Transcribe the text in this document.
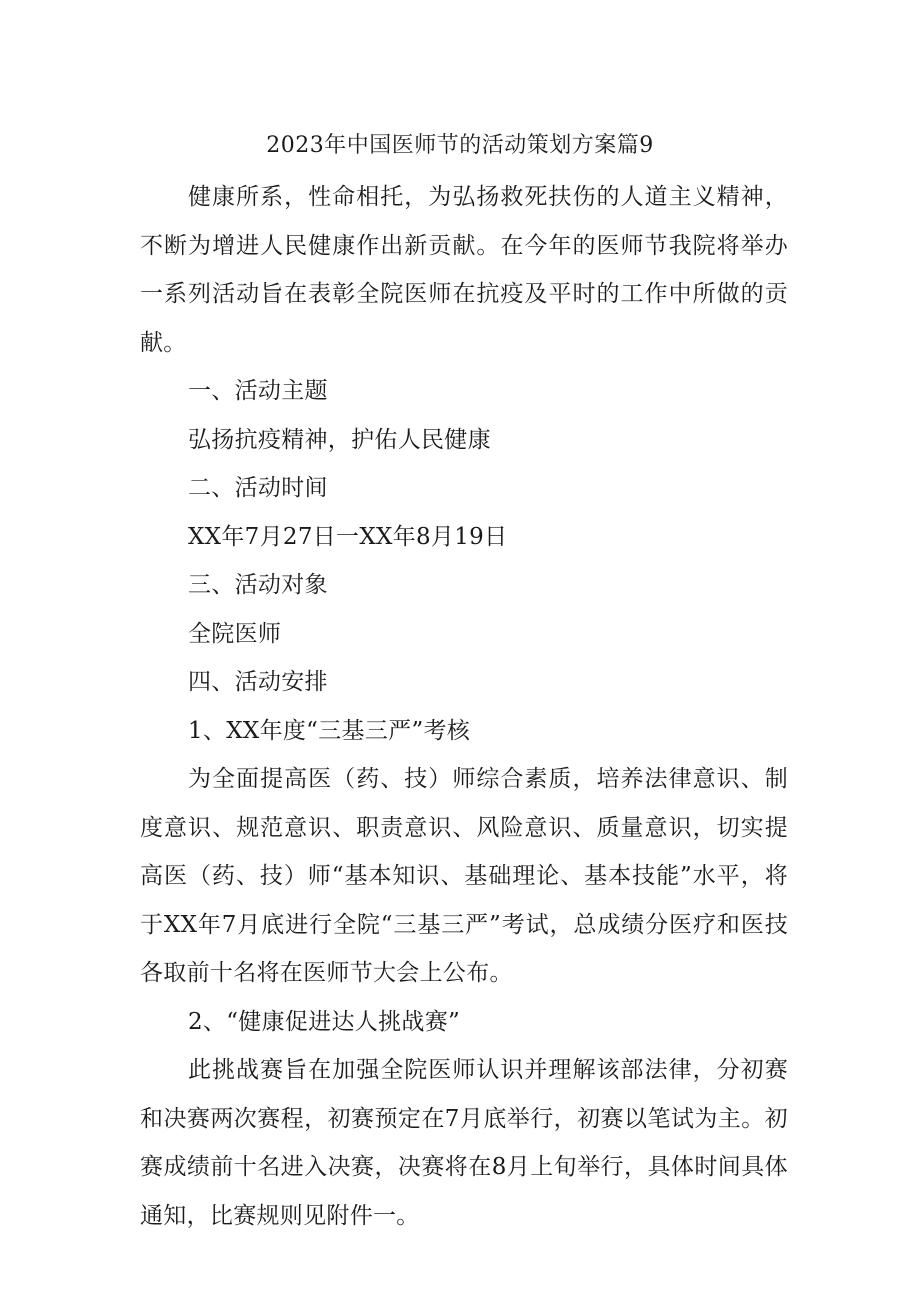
2023年中国医师节的活动策划方案篇9

健康所系，性命相托，为弘扬救死扶伤的人道主义精神，不断为增进人民健康作出新贡献。在今年的医师节我院将举办一系列活动旨在表彰全院医师在抗疫及平时的工作中所做的贡献。

一、活动主题

弘扬抗疫精神，护佑人民健康

二、活动时间

XX年7月27日一XX年8月19日

三、活动对象

全院医师

四、活动安排

1、XX年度“三基三严”考核

为全面提高医（药、技）师综合素质，培养法律意识、制度意识、规范意识、职责意识、风险意识、质量意识，切实提高医（药、技）师“基本知识、基础理论、基本技能”水平，将于XX年7月底进行全院“三基三严”考试，总成绩分医疗和医技各取前十名将在医师节大会上公布。

2、“健康促进达人挑战赛”

此挑战赛旨在加强全院医师认识并理解该部法律，分初赛和决赛两次赛程，初赛预定在7月底举行，初赛以笔试为主。初赛成绩前十名进入决赛，决赛将在8月上旬举行，具体时间具体通知，比赛规则见附件一。
